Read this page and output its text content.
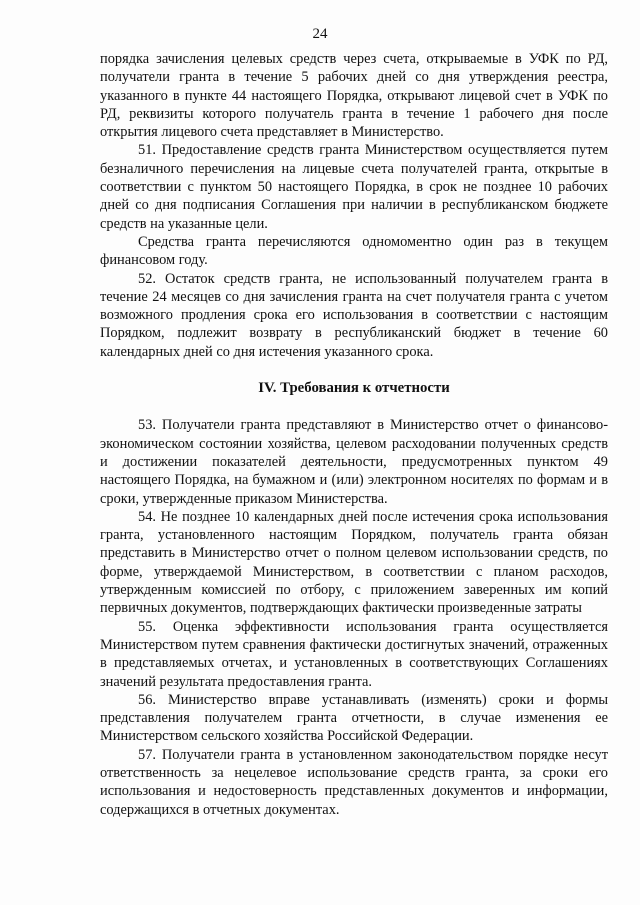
24

порядка зачисления целевых средств через счета, открываемые в УФК по РД, получатели гранта в течение 5 рабочих дней со дня утверждения реестра, указанного в пункте 44 настоящего Порядка, открывают лицевой счет в УФК по РД, реквизиты которого получатель гранта в течение 1 рабочего дня после открытия лицевого счета представляет в Министерство.

51. Предоставление средств гранта Министерством осуществляется путем безналичного перечисления на лицевые счета получателей гранта, открытые в соответствии с пунктом 50 настоящего Порядка, в срок не позднее 10 рабочих дней со дня подписания Соглашения при наличии в республиканском бюджете средств на указанные цели.

Средства гранта перечисляются одномоментно один раз в текущем финансовом году.

52. Остаток средств гранта, не использованный получателем гранта в течение 24 месяцев со дня зачисления гранта на счет получателя гранта с учетом возможного продления срока его использования в соответствии с настоящим Порядком, подлежит возврату в республиканский бюджет в течение 60 календарных дней со дня истечения указанного срока.

IV. Требования к отчетности

53. Получатели гранта представляют в Министерство отчет о финансово-экономическом состоянии хозяйства, целевом расходовании полученных средств и достижении показателей деятельности, предусмотренных пунктом 49 настоящего Порядка, на бумажном и (или) электронном носителях по формам и в сроки, утвержденные приказом Министерства.

54. Не позднее 10 календарных дней после истечения срока использования гранта, установленного настоящим Порядком, получатель гранта обязан представить в Министерство отчет о полном целевом использовании средств, по форме, утверждаемой Министерством, в соответствии с планом расходов, утвержденным комиссией по отбору, с приложением заверенных им копий первичных документов, подтверждающих фактически произведенные затраты

55. Оценка эффективности использования гранта осуществляется Министерством путем сравнения фактически достигнутых значений, отраженных в представляемых отчетах, и установленных в соответствующих Соглашениях значений результата предоставления гранта.

56. Министерство вправе устанавливать (изменять) сроки и формы представления получателем гранта отчетности, в случае изменения ее Министерством сельского хозяйства Российской Федерации.

57. Получатели гранта в установленном законодательством порядке несут ответственность за нецелевое использование средств гранта, за сроки его использования и недостоверность представленных документов и информации, содержащихся в отчетных документах.
